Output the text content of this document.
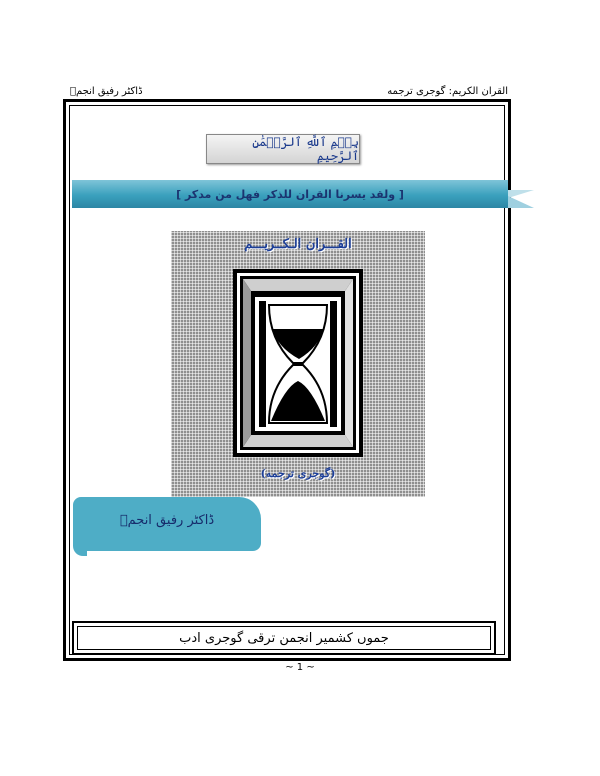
القران الکریم: گوجری ترجمه
ڈاکٹر رفیق انجمؔ
بِسۡمِ ٱللَّهِ ٱلرَّحۡمَٰنِ ٱلرَّحِيمِ
[ ولقد يسرنا القران للذكر فهل من مدكر ]
القـــران الـکــریـــم
(گوجری ترجمه)
ڈاکٹر رفیق انجمؔ
جموں کشمیر انجمن ترقی گوجری ادب
~ 1 ~
